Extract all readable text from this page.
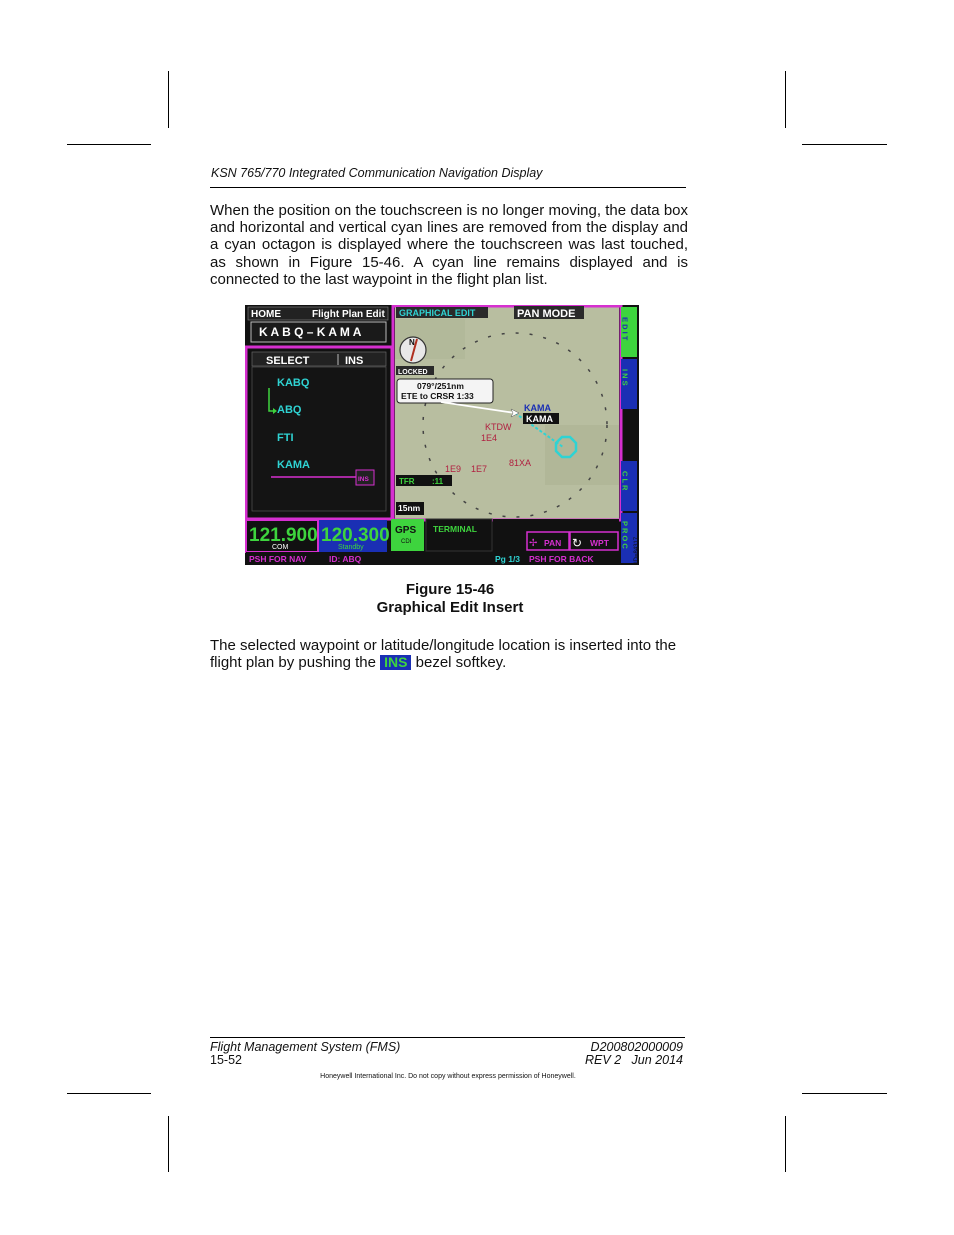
KSN 765/770 Integrated Communication Navigation Display
When the position on the touchscreen is no longer moving, the data box and horizontal and vertical cyan lines are removed from the display and a cyan octagon is displayed where the touchscreen was last touched, as shown in Figure 15-46. A cyan line remains displayed and is connected to the last waypoint in the flight plan list.
HOME	Flight Plan Edit
K A B Q – K A M A
SELECT	INS
KABQ
ABQ
FTI
KAMA
INS
GRAPHICAL EDIT	PAN MODE
N
LOCKED
079°/251nm
ETE to CRSR 1:33
KAMA
KAMA
KTDW
1E4
1E9 1E7
81XA
TFR :11
15nm
E D I T
I N S
C L R
P R O C
121.900
COM
120.300
Standby
GPS
CDI
TERMINAL
✢ PAN ↻ WPT
PSH FOR NAV	ID: ABQ	Pg 1/3 PSH FOR BACK	ID=84317
Figure 15-46
Graphical Edit Insert
The selected waypoint or latitude/longitude location is inserted into the flight plan by pushing the INS bezel softkey.
Flight Management System (FMS)
15-52
D200802000009
REV 2   Jun 2014
Honeywell International Inc. Do not copy without express permission of Honeywell.
